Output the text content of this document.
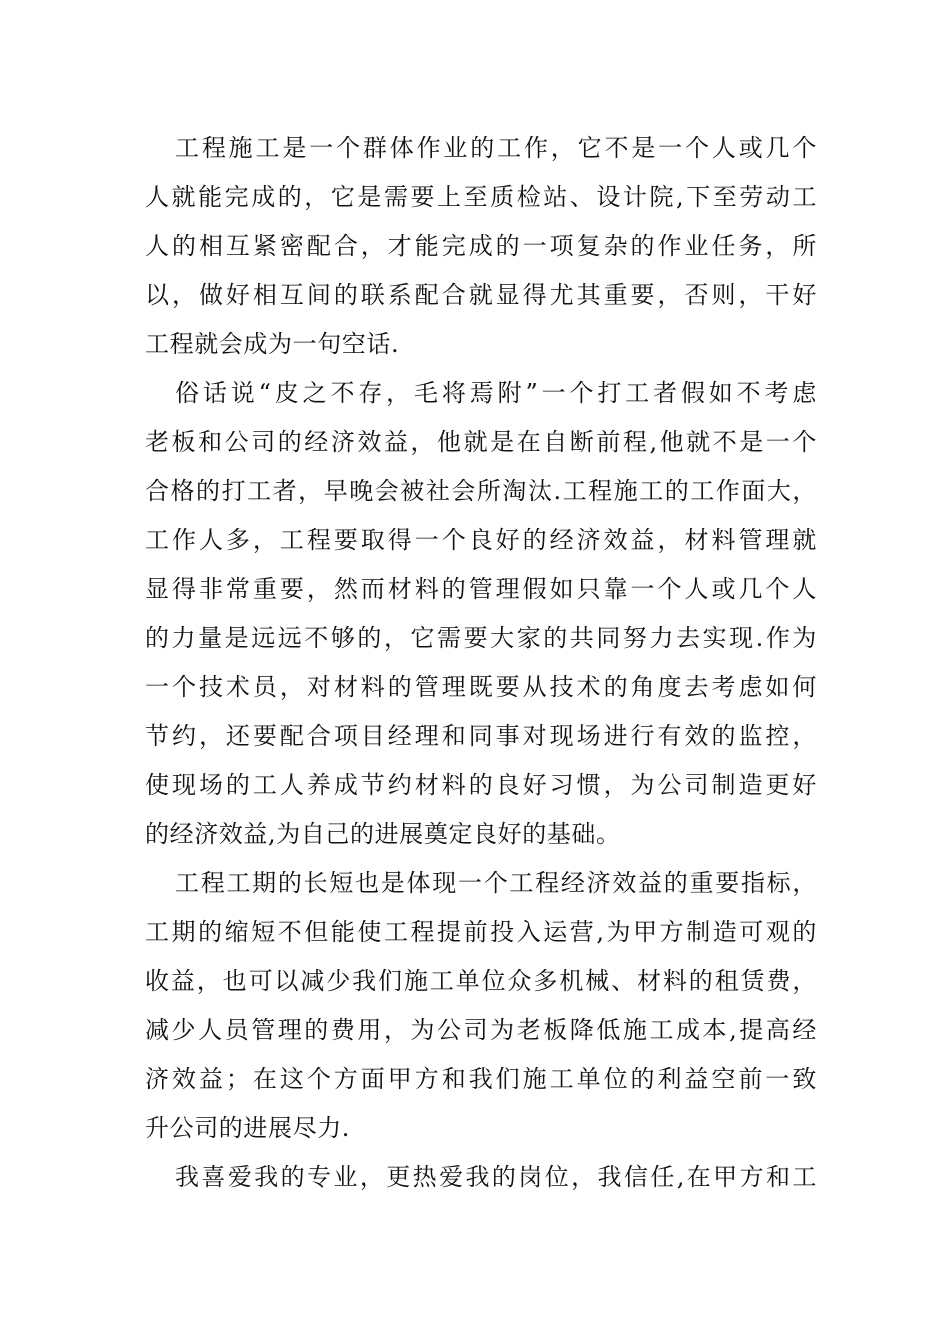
工程施工是一个群体作业的工作，它不是一个人或几个
人就能完成的，它是需要上至质检站、设计院,下至劳动工
人的相互紧密配合，才能完成的一项复杂的作业任务，所
以，做好相互间的联系配合就显得尤其重要，否则，干好
工程就会成为一句空话.
俗话说“皮之不存，毛将焉附”一个打工者假如不考虑
老板和公司的经济效益，他就是在自断前程,他就不是一个
合格的打工者，早晚会被社会所淘汰.工程施工的工作面大，
工作人多，工程要取得一个良好的经济效益，材料管理就
显得非常重要，然而材料的管理假如只靠一个人或几个人
的力量是远远不够的，它需要大家的共同努力去实现.作为
一个技术员，对材料的管理既要从技术的角度去考虑如何
节约，还要配合项目经理和同事对现场进行有效的监控，
使现场的工人养成节约材料的良好习惯，为公司制造更好
的经济效益,为自己的进展奠定良好的基础。
工程工期的长短也是体现一个工程经济效益的重要指标，
工期的缩短不但能使工程提前投入运营,为甲方制造可观的
收益，也可以减少我们施工单位众多机械、材料的租赁费，
减少人员管理的费用，为公司为老板降低施工成本,提高经
济效益；在这个方面甲方和我们施工单位的利益空前一致
升公司的进展尽力.
我喜爱我的专业，更热爱我的岗位，我信任,在甲方和工
